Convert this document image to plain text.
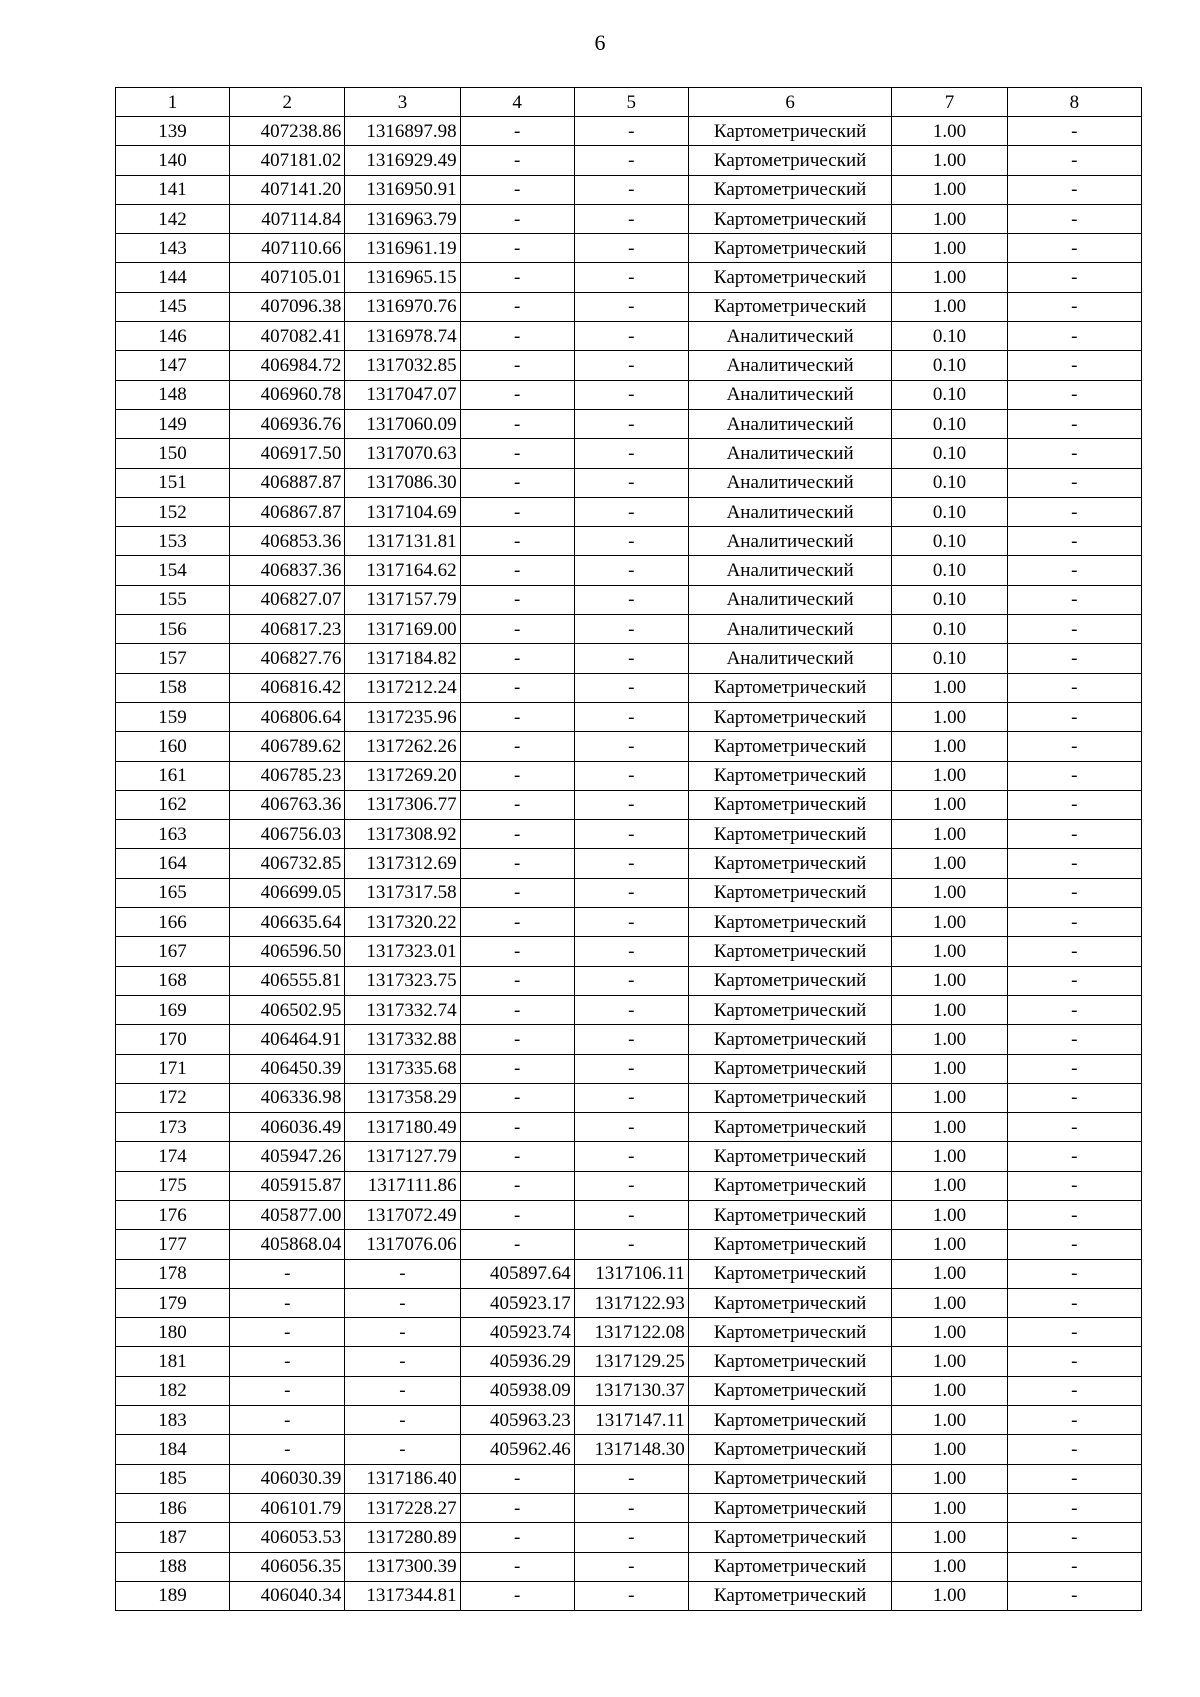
6
1	2	3	4	5	6	7	8
139	407238.86	1316897.98	-	-	Картометрический	1.00	-
140	407181.02	1316929.49	-	-	Картометрический	1.00	-
141	407141.20	1316950.91	-	-	Картометрический	1.00	-
142	407114.84	1316963.79	-	-	Картометрический	1.00	-
143	407110.66	1316961.19	-	-	Картометрический	1.00	-
144	407105.01	1316965.15	-	-	Картометрический	1.00	-
145	407096.38	1316970.76	-	-	Картометрический	1.00	-
146	407082.41	1316978.74	-	-	Аналитический	0.10	-
147	406984.72	1317032.85	-	-	Аналитический	0.10	-
148	406960.78	1317047.07	-	-	Аналитический	0.10	-
149	406936.76	1317060.09	-	-	Аналитический	0.10	-
150	406917.50	1317070.63	-	-	Аналитический	0.10	-
151	406887.87	1317086.30	-	-	Аналитический	0.10	-
152	406867.87	1317104.69	-	-	Аналитический	0.10	-
153	406853.36	1317131.81	-	-	Аналитический	0.10	-
154	406837.36	1317164.62	-	-	Аналитический	0.10	-
155	406827.07	1317157.79	-	-	Аналитический	0.10	-
156	406817.23	1317169.00	-	-	Аналитический	0.10	-
157	406827.76	1317184.82	-	-	Аналитический	0.10	-
158	406816.42	1317212.24	-	-	Картометрический	1.00	-
159	406806.64	1317235.96	-	-	Картометрический	1.00	-
160	406789.62	1317262.26	-	-	Картометрический	1.00	-
161	406785.23	1317269.20	-	-	Картометрический	1.00	-
162	406763.36	1317306.77	-	-	Картометрический	1.00	-
163	406756.03	1317308.92	-	-	Картометрический	1.00	-
164	406732.85	1317312.69	-	-	Картометрический	1.00	-
165	406699.05	1317317.58	-	-	Картометрический	1.00	-
166	406635.64	1317320.22	-	-	Картометрический	1.00	-
167	406596.50	1317323.01	-	-	Картометрический	1.00	-
168	406555.81	1317323.75	-	-	Картометрический	1.00	-
169	406502.95	1317332.74	-	-	Картометрический	1.00	-
170	406464.91	1317332.88	-	-	Картометрический	1.00	-
171	406450.39	1317335.68	-	-	Картометрический	1.00	-
172	406336.98	1317358.29	-	-	Картометрический	1.00	-
173	406036.49	1317180.49	-	-	Картометрический	1.00	-
174	405947.26	1317127.79	-	-	Картометрический	1.00	-
175	405915.87	1317111.86	-	-	Картометрический	1.00	-
176	405877.00	1317072.49	-	-	Картометрический	1.00	-
177	405868.04	1317076.06	-	-	Картометрический	1.00	-
178	-	-	405897.64	1317106.11	Картометрический	1.00	-
179	-	-	405923.17	1317122.93	Картометрический	1.00	-
180	-	-	405923.74	1317122.08	Картометрический	1.00	-
181	-	-	405936.29	1317129.25	Картометрический	1.00	-
182	-	-	405938.09	1317130.37	Картометрический	1.00	-
183	-	-	405963.23	1317147.11	Картометрический	1.00	-
184	-	-	405962.46	1317148.30	Картометрический	1.00	-
185	406030.39	1317186.40	-	-	Картометрический	1.00	-
186	406101.79	1317228.27	-	-	Картометрический	1.00	-
187	406053.53	1317280.89	-	-	Картометрический	1.00	-
188	406056.35	1317300.39	-	-	Картометрический	1.00	-
189	406040.34	1317344.81	-	-	Картометрический	1.00	-
